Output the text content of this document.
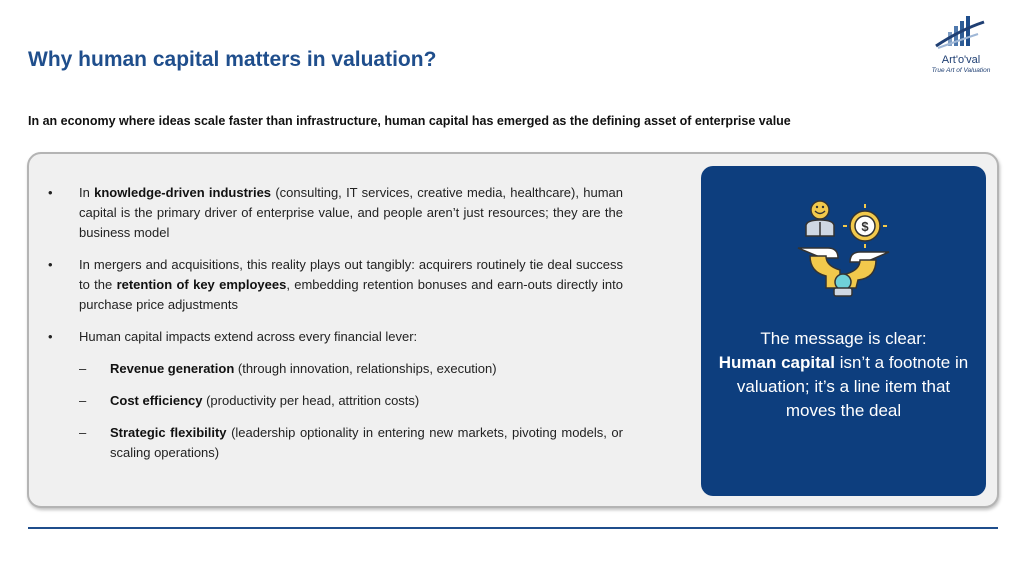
Why human capital matters in valuation?	Art'o'val
True Art of Valuation
In an economy where ideas scale faster than infrastructure, human capital has emerged as the defining asset of enterprise value
• In knowledge-driven industries (consulting, IT services, creative media, healthcare), human capital is the primary driver of enterprise value, and people aren’t just resources; they are the business model
• In mergers and acquisitions, this reality plays out tangibly: acquirers routinely tie deal success to the retention of key employees, embedding retention bonuses and earn-outs directly into purchase price adjustments
• Human capital impacts extend across every financial lever:
– Revenue generation (through innovation, relationships, execution)
– Cost efficiency (productivity per head, attrition costs)
– Strategic flexibility (leadership optionality in entering new markets, pivoting models, or scaling operations)
$
The message is clear:
Human capital isn’t a footnote in valuation; it’s a line item that moves the deal
